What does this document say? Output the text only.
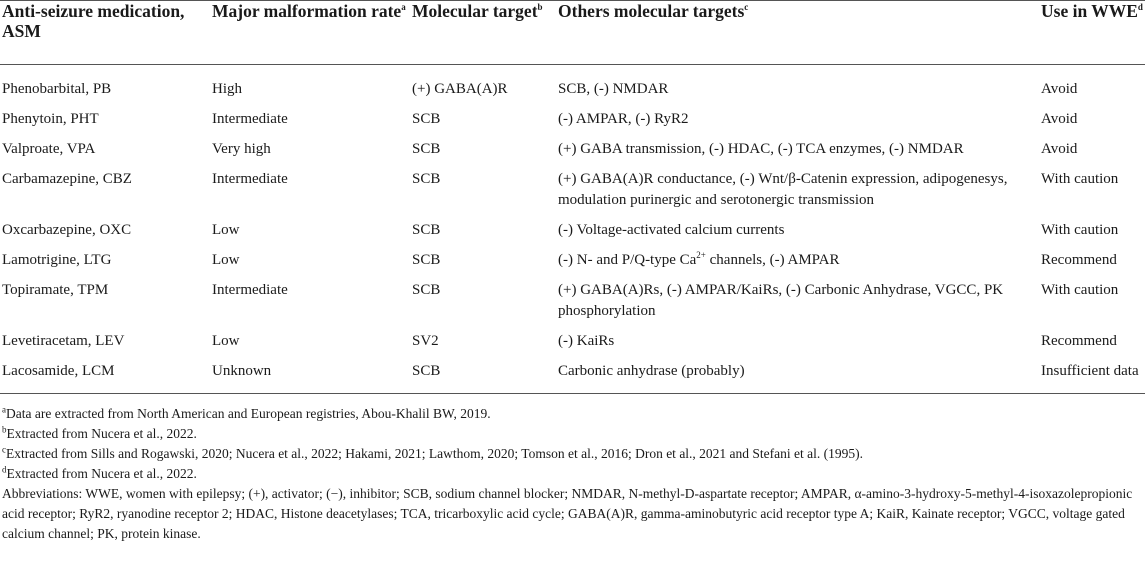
Anti-seizure medication, ASM	Major malformation rate$^a$	Molecular target$^b$	Others molecular targets$^c$	Use in WWE$^d$
Phenobarbital, PB	High	(+) GABA(A)R	SCB, (-) NMDAR	Avoid
Phenytoin, PHT	Intermediate	SCB	(-) AMPAR, (-) RyR2	Avoid
Valproate, VPA	Very high	SCB	(+) GABA transmission, (-) HDAC, (-) TCA enzymes, (-) NMDAR	Avoid
Carbamazepine, CBZ	Intermediate	SCB	(+) GABA(A)R conductance, (-) Wnt/β-Catenin expression, adipogenesys, modulation purinergic and serotonergic transmission	With caution
Oxcarbazepine, OXC	Low	SCB	(-) Voltage-activated calcium currents	With caution
Lamotrigine, LTG	Low	SCB	(-) N- and P/Q-type $Ca^{2+}$ channels, (-) AMPAR	Recommend
Topiramate, TPM	Intermediate	SCB	(+) GABA(A)Rs, (-) AMPAR/KaiRs, (-) Carbonic Anhydrase, VGCC, PK phosphorylation	With caution
Levetiracetam, LEV	Low	SV2	(-) KaiRs	Recommend
Lacosamide, LCM	Unknown	SCB	Carbonic anhydrase (probably)	Insufficient data
$^a$Data are extracted from North American and European registries, Abou-Khalil BW, 2019.
$^b$Extracted from Nucera et al., 2022.
$^c$Extracted from Sills and Rogawski, 2020; Nucera et al., 2022; Hakami, 2021; Lawthom, 2020; Tomson et al., 2016; Dron et al., 2021 and Stefani et al. (1995).
$^d$Extracted from Nucera et al., 2022.
Abbreviations: WWE, women with epilepsy; (+), activator; (−), inhibitor; SCB, sodium channel blocker; NMDAR, N-methyl-D-aspartate receptor; AMPAR, α-amino-3-hydroxy-5-methyl-4-isoxazolepropionic acid receptor; RyR2, ryanodine receptor 2; HDAC, Histone deacetylases; TCA, tricarboxylic acid cycle; GABA(A)R, gamma-aminobutyric acid receptor type A; KaiR, Kainate receptor; VGCC, voltage gated calcium channel; PK, protein kinase.
